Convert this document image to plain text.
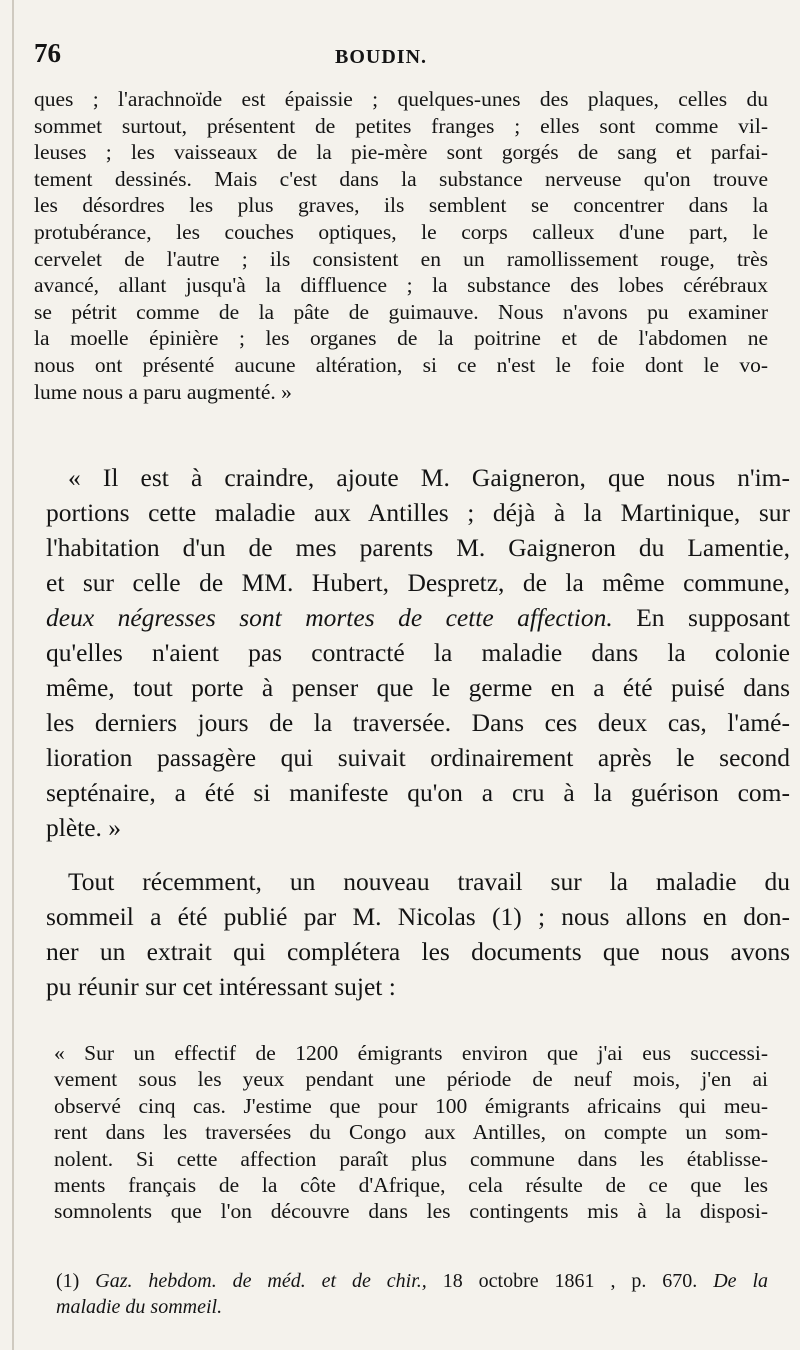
76	BOUDIN.
ques ; l'arachnoïde est épaissie ; quelques-unes des plaques, celles du
sommet surtout, présentent de petites franges ; elles sont comme vil-
leuses ; les vaisseaux de la pie-mère sont gorgés de sang et parfai-
tement dessinés. Mais c'est dans la substance nerveuse qu'on trouve
les désordres les plus graves, ils semblent se concentrer dans la
protubérance, les couches optiques, le corps calleux d'une part, le
cervelet de l'autre ; ils consistent en un ramollissement rouge, très
avancé, allant jusqu'à la diffluence ; la substance des lobes cérébraux
se pétrit comme de la pâte de guimauve. Nous n'avons pu examiner
la moelle épinière ; les organes de la poitrine et de l'abdomen ne
nous ont présenté aucune altération, si ce n'est le foie dont le vo-
lume nous a paru augmenté. »
« Il est à craindre, ajoute M. Gaigneron, que nous n'im-
portions cette maladie aux Antilles ; déjà à la Martinique, sur
l'habitation d'un de mes parents M. Gaigneron du Lamentie,
et sur celle de MM. Hubert, Despretz, de la même commune,
deux négresses sont mortes de cette affection. En supposant
qu'elles n'aient pas contracté la maladie dans la colonie
même, tout porte à penser que le germe en a été puisé dans
les derniers jours de la traversée. Dans ces deux cas, l'amé-
lioration passagère qui suivait ordinairement après le second
septénaire, a été si manifeste qu'on a cru à la guérison com-
plète. »
Tout récemment, un nouveau travail sur la maladie du
sommeil a été publié par M. Nicolas (1) ; nous allons en don-
ner un extrait qui complétera les documents que nous avons
pu réunir sur cet intéressant sujet :
« Sur un effectif de 1200 émigrants environ que j'ai eus successi-
vement sous les yeux pendant une période de neuf mois, j'en ai
observé cinq cas. J'estime que pour 100 émigrants africains qui meu-
rent dans les traversées du Congo aux Antilles, on compte un som-
nolent. Si cette affection paraît plus commune dans les établisse-
ments français de la côte d'Afrique, cela résulte de ce que les
somnolents que l'on découvre dans les contingents mis à la disposi-
(1) Gaz. hebdom. de méd. et de chir., 18 octobre 1861 , p. 670. De la
maladie du sommeil.
